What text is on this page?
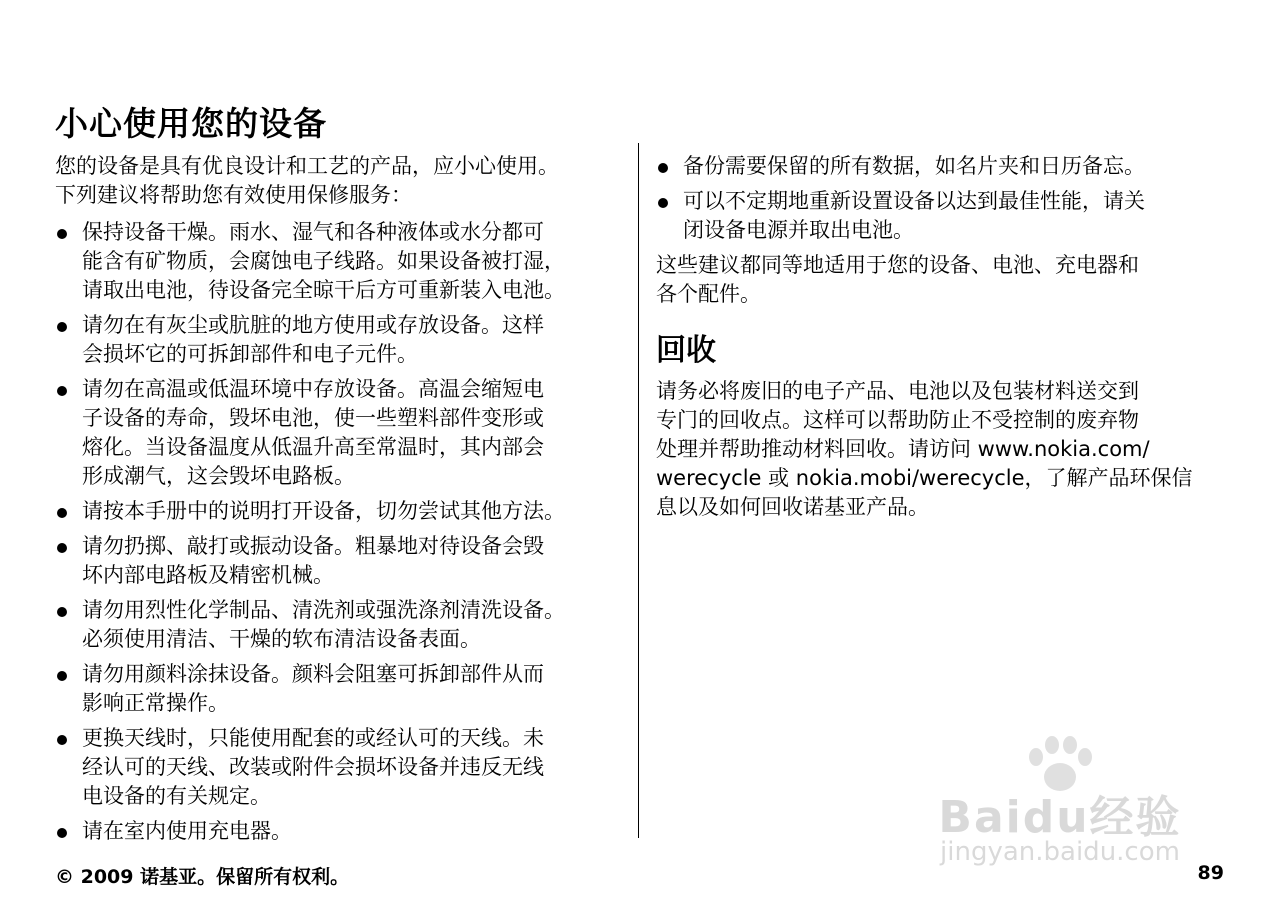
小心使用您的设备

您的设备是具有优良设计和工艺的产品，应小心使用。
下列建议将帮助您有效使用保修服务：

保持设备干燥。雨水、湿气和各种液体或水分都可
能含有矿物质，会腐蚀电子线路。如果设备被打湿，
请取出电池，待设备完全晾干后方可重新装入电池。
请勿在有灰尘或肮脏的地方使用或存放设备。这样
会损坏它的可拆卸部件和电子元件。
请勿在高温或低温环境中存放设备。高温会缩短电
子设备的寿命，毁坏电池，使一些塑料部件变形或
熔化。当设备温度从低温升高至常温时，其内部会
形成潮气，这会毁坏电路板。
请按本手册中的说明打开设备，切勿尝试其他方法。
请勿扔掷、敲打或振动设备。粗暴地对待设备会毁
坏内部电路板及精密机械。
请勿用烈性化学制品、清洗剂或强洗涤剂清洗设备。
必须使用清洁、干燥的软布清洁设备表面。
请勿用颜料涂抹设备。颜料会阻塞可拆卸部件从而
影响正常操作。
更换天线时，只能使用配套的或经认可的天线。未
经认可的天线、改装或附件会损坏设备并违反无线
电设备的有关规定。
请在室内使用充电器。
备份需要保留的所有数据，如名片夹和日历备忘。
可以不定期地重新设置设备以达到最佳性能，请关
闭设备电源并取出电池。

这些建议都同等地适用于您的设备、电池、充电器和
各个配件。

回收

请务必将废旧的电子产品、电池以及包装材料送交到
专门的回收点。这样可以帮助防止不受控制的废弃物
处理并帮助推动材料回收。请访问 www.nokia.com/
werecycle 或 nokia.mobi/werecycle，了解产品环保信
息以及如何回收诺基亚产品。

Baidu经验
jingyan.baidu.com
© 2009 诺基亚。保留所有权利。	89
